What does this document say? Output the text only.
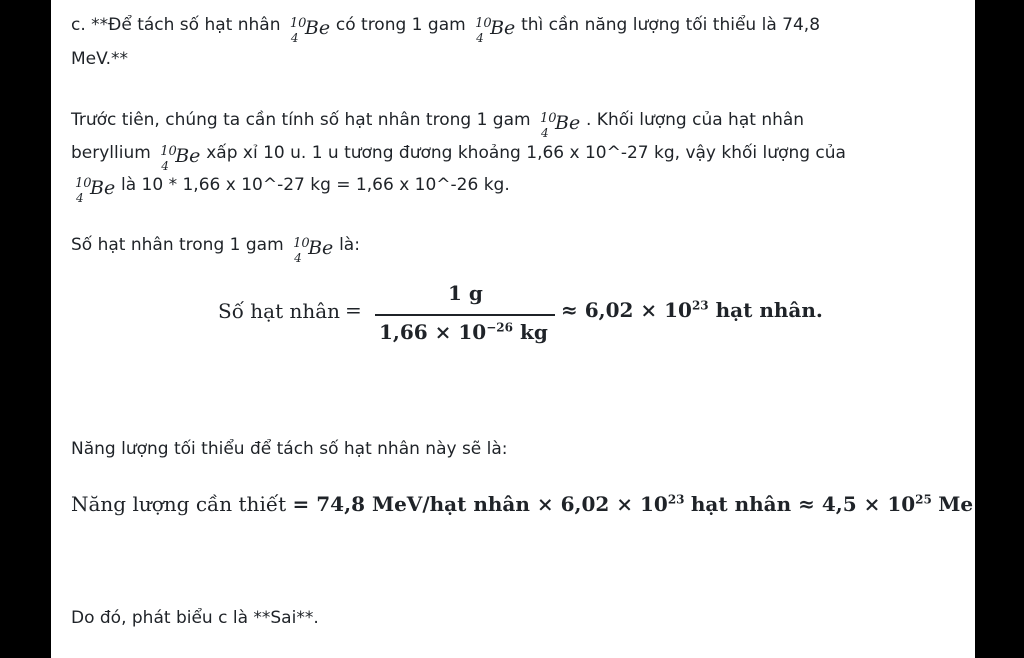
c. **Để tách số hạt nhân 10
4 Be có trong 1 gam 10
4 Be thì cần năng lượng tối thiểu là 74,8

MeV.**

Trước tiên, chúng ta cần tính số hạt nhân trong 1 gam 10
4 Be . Khối lượng của hạt nhân

beryllium 10
4 Be xấp xỉ 10 u. 1 u tương đương khoảng 1,66 x 10^-27 kg, vậy khối lượng của

10
4 Be là 10 * 1,66 x 10^-27 kg = 1,66 x 10^-26 kg.

Số hạt nhân trong 1 gam 10
4 Be là:

Số hạt nhân =
1 g
$1,66 \times 10^{-26}$ kg
≈ $6,02 \times 10^{23}$ hạt nhân.

Năng lượng tối thiểu để tách số hạt nhân này sẽ là:

Năng lượng cần thiết = 74,8 MeV/hạt nhân × $6,02 \times 10^{23}$ hạt nhân ≈ $4,5 \times 10^{25}$ Me

Do đó, phát biểu c là **Sai**.
